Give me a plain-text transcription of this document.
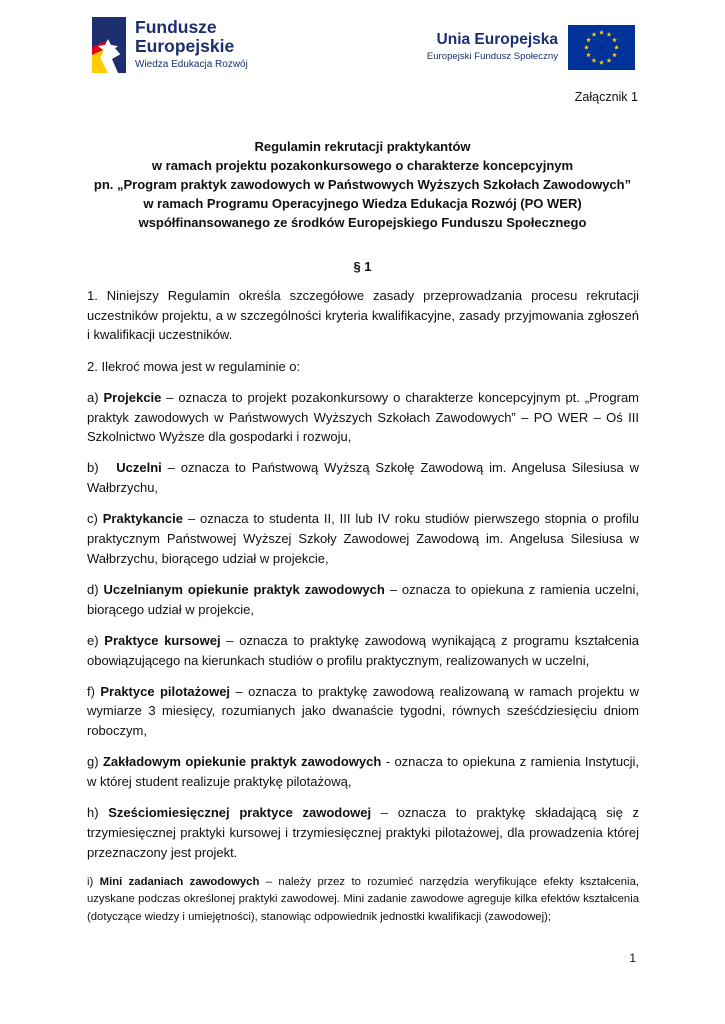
Fundusze
Europejskie
Wiedza Edukacja Rozwój
Unia Europejska
Europejski Fundusz Społeczny
Załącznik 1
Regulamin rekrutacji praktykantów
w ramach projektu pozakonkursowego o charakterze koncepcyjnym
pn. „Program praktyk zawodowych w Państwowych Wyższych Szkołach Zawodowych”
w ramach Programu Operacyjnego Wiedza Edukacja Rozwój (PO WER)
współfinansowanego ze środków Europejskiego Funduszu Społecznego
§ 1

1. Niniejszy Regulamin określa szczegółowe zasady przeprowadzania procesu rekrutacji uczestników projektu, a w szczególności kryteria kwalifikacyjne, zasady przyjmowania zgłoszeń i kwalifikacji uczestników.

2. Ilekroć mowa jest w regulaminie o:

a) Projekcie – oznacza to projekt pozakonkursowy o charakterze koncepcyjnym pt. „Program praktyk zawodowych w Państwowych Wyższych Szkołach Zawodowych” – PO WER – Oś III Szkolnictwo Wyższe dla gospodarki i rozwoju,

b)   Uczelni – oznacza to Państwową Wyższą Szkołę Zawodową im. Angelusa Silesiusa w Wałbrzychu,

c) Praktykancie – oznacza to studenta II, III lub IV roku studiów pierwszego stopnia o profilu praktycznym Państwowej Wyższej Szkoły Zawodowej Zawodową im. Angelusa Silesiusa w Wałbrzychu, biorącego udział w projekcie,

d) Uczelnianym opiekunie praktyk zawodowych – oznacza to opiekuna z ramienia uczelni, biorącego udział w projekcie,

e) Praktyce kursowej – oznacza to praktykę zawodową wynikającą z programu kształcenia obowiązującego na kierunkach studiów o profilu praktycznym, realizowanych w uczelni,

f) Praktyce pilotażowej – oznacza to praktykę zawodową realizowaną w ramach projektu w wymiarze 3 miesięcy, rozumianych jako dwanaście tygodni, równych sześćdziesięciu dniom roboczym,

g) Zakładowym opiekunie praktyk zawodowych - oznacza to opiekuna z ramienia Instytucji, w której student realizuje praktykę pilotażową,

h) Sześciomiesięcznej praktyce zawodowej – oznacza to praktykę składającą się z trzymiesięcznej praktyki kursowej i trzymiesięcznej praktyki pilotażowej, dla prowadzenia której przeznaczony jest projekt.

i) Mini zadaniach zawodowych – należy przez to rozumieć narzędzia weryfikujące efekty kształcenia, uzyskane podczas określonej praktyki zawodowej. Mini zadanie zawodowe agreguje kilka efektów kształcenia (dotyczące wiedzy i umiejętności), stanowiąc odpowiednik jednostki kwalifikacji (zawodowej);

1
